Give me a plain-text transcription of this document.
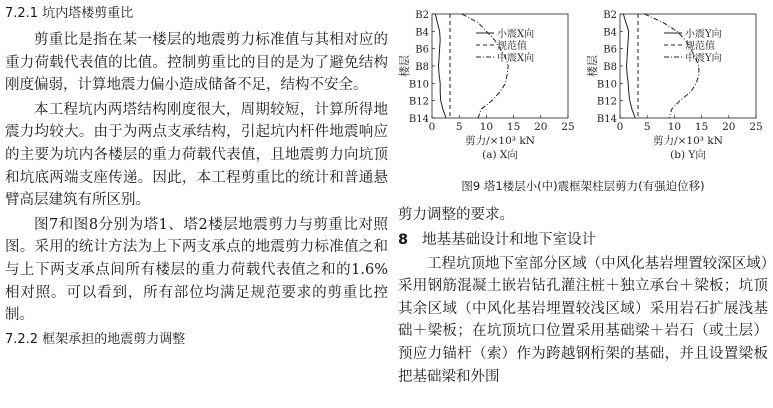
7.2.1 坑内塔楼剪重比

剪重比是指在某一楼层的地震剪力标准值与其相对应的重力荷载代表值的比值。控制剪重比的目的是为了避免结构刚度偏弱，计算地震力偏小造成储备不足，结构不安全。

本工程坑内两塔结构刚度很大，周期较短，计算所得地震力均较大。由于为两点支承结构，引起坑内杆件地震响应的主要为坑内各楼层的重力荷载代表值，且地震剪力向坑顶和坑底两端支座传递。因此，本工程剪重比的统计和普通悬臂高层建筑有所区别。

图7和图8分别为塔1、塔2楼层地震剪力与剪重比对照图。采用的统计方法为上下两支承点的地震剪力标准值之和与上下两支承点间所有楼层的重力荷载代表值之和的1.6%相对照。可以看到，所有部位均满足规范要求的剪重比控制。

7.2.2 框架承担的地震剪力调整
0 5 10 15 20 25
B2
B4
B6
B8
B10
B12
B14
楼层
剪力/×10³ kN
(a) X向
小震X向
规范值
中震X向
0 5 10 15 20 25
B2
B4
B6
B8
B10
B12
B14
楼层
剪力/×10³ kN
(b) Y向
小震Y向
规范值
中震Y向
图9 塔1楼层小(中)震框架柱层剪力(有强迫位移)

剪力调整的要求。

8 地基基础设计和地下室设计

工程坑顶地下室部分区域（中风化基岩埋置较深区域）采用钢筋混凝土嵌岩钻孔灌注桩＋独立承台＋梁板；坑顶其余区域（中风化基岩埋置较浅区域）采用岩石扩展浅基础＋梁板；在坑顶坑口位置采用基础梁＋岩石（或土层）预应力锚杆（索）作为跨越钢桁架的基础，并且设置梁板把基础梁和外围
